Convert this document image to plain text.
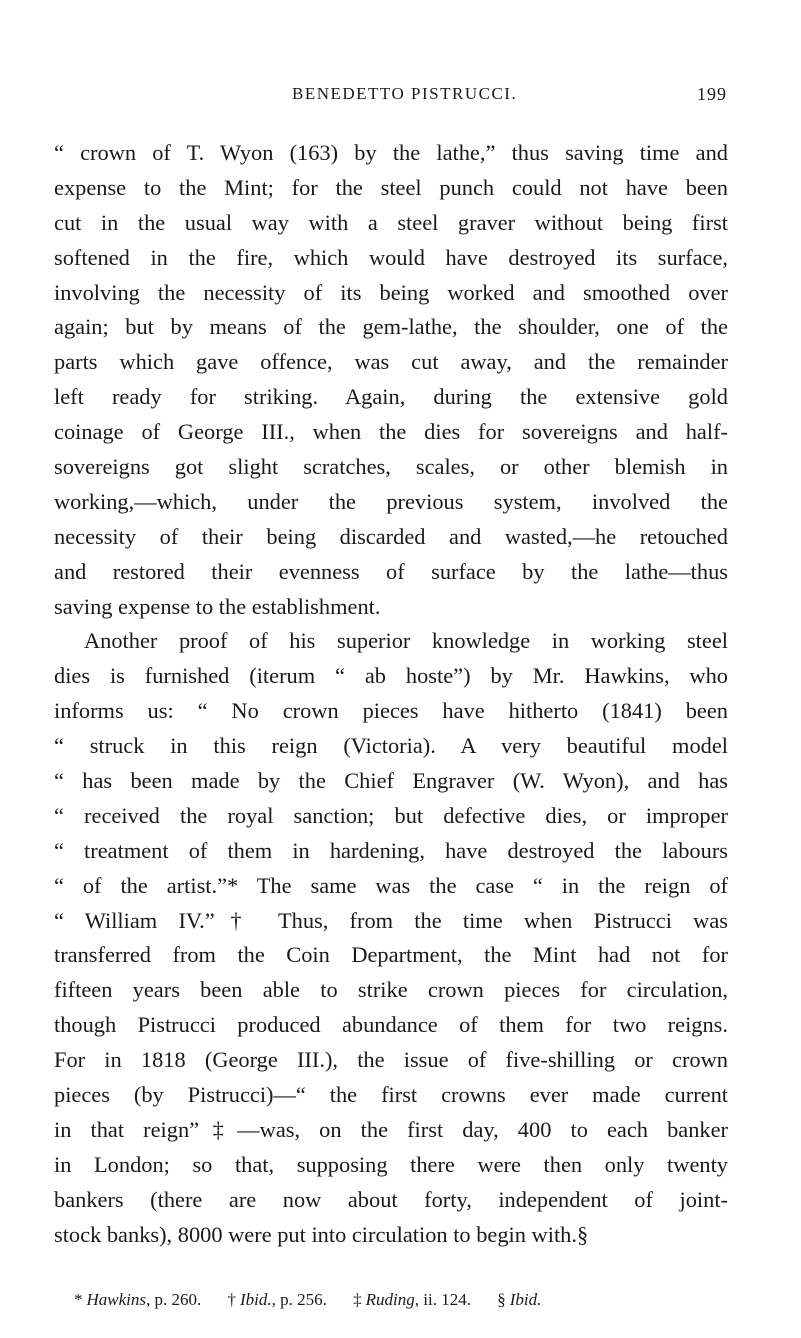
BENEDETTO PISTRUCCI.	199
“ crown of T. Wyon (163) by the lathe,” thus saving time and
expense to the Mint; for the steel punch could not have been
cut in the usual way with a steel graver without being first
softened in the fire, which would have destroyed its surface,
involving the necessity of its being worked and smoothed over
again; but by means of the gem-lathe, the shoulder, one of the
parts which gave offence, was cut away, and the remainder
left ready for striking. Again, during the extensive gold
coinage of George III., when the dies for sovereigns and half-
sovereigns got slight scratches, scales, or other blemish in
working,—which, under the previous system, involved the
necessity of their being discarded and wasted,—he retouched
and restored their evenness of surface by the lathe—thus
saving expense to the establishment.
Another proof of his superior knowledge in working steel
dies is furnished (iterum “ ab hoste”) by Mr. Hawkins, who
informs us: “ No crown pieces have hitherto (1841) been
“ struck in this reign (Victoria). A very beautiful model
“ has been made by the Chief Engraver (W. Wyon), and has
“ received the royal sanction; but defective dies, or improper
“ treatment of them in hardening, have destroyed the labours
“ of the artist.”* The same was the case “ in the reign of
“ William IV.”† Thus, from the time when Pistrucci was
transferred from the Coin Department, the Mint had not for
fifteen years been able to strike crown pieces for circulation,
though Pistrucci produced abundance of them for two reigns.
For in 1818 (George III.), the issue of five-shilling or crown
pieces (by Pistrucci)—“ the first crowns ever made current
in that reign”‡—was, on the first day, 400 to each banker
in London; so that, supposing there were then only twenty
bankers (there are now about forty, independent of joint-
stock banks), 8000 were put into circulation to begin with.§
* Hawkins, p. 260. † Ibid., p. 256. ‡ Ruding, ii. 124. § Ibid.
